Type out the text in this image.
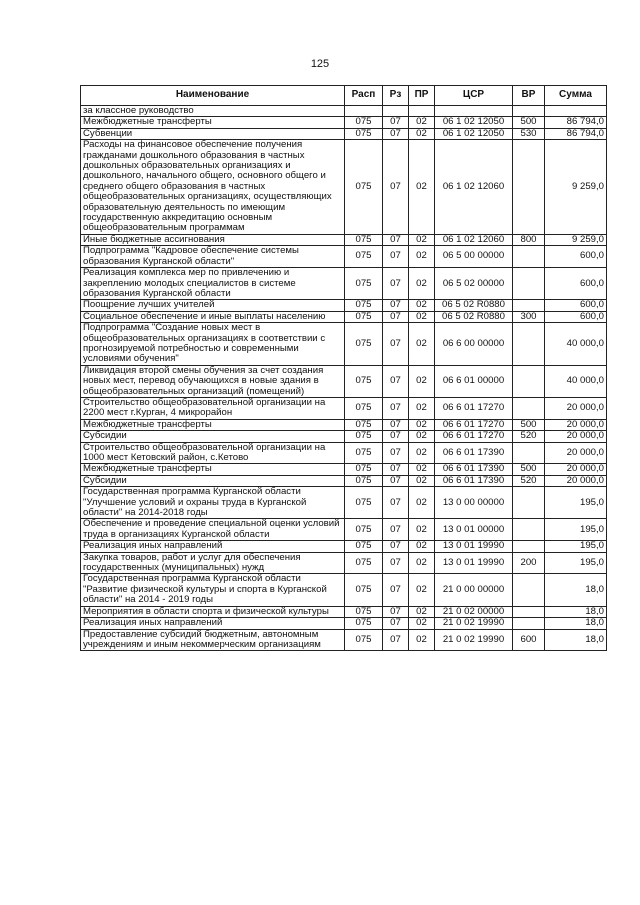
125
Наименование	Расп	Рз	ПР	ЦСР	ВР	Сумма
за классное руководство						
Межбюджетные трансферты	075	07	02	06 1 02 12050	500	86 794,0
Субвенции	075	07	02	06 1 02 12050	530	86 794,0
Расходы на финансовое обеспечение получения гражданами дошкольного образования в частных дошкольных образовательных организациях и дошкольного, начального общего, основного общего и среднего общего образования в частных общеобразовательных организациях, осуществляющих образовательную деятельность по имеющим государственную аккредитацию основным общеобразовательным программам	075	07	02	06 1 02 12060		9 259,0
Иные бюджетные ассигнования	075	07	02	06 1 02 12060	800	9 259,0
Подпрограмма "Кадровое обеспечение системы образования Курганской области"	075	07	02	06 5 00 00000		600,0
Реализация комплекса мер по привлечению и закреплению молодых специалистов в системе образования Курганской области	075	07	02	06 5 02 00000		600,0
Поощрение лучших учителей	075	07	02	06 5 02 R0880		600,0
Социальное обеспечение и иные выплаты населению	075	07	02	06 5 02 R0880	300	600,0
Подпрограмма "Создание новых мест в общеобразовательных организациях в соответствии с прогнозируемой потребностью и современными условиями обучения"	075	07	02	06 6 00 00000		40 000,0
Ликвидация второй смены обучения за счет создания новых мест, перевод обучающихся в новые здания в общеобразовательных организаций (помещений)	075	07	02	06 6 01 00000		40 000,0
Строительство общеобразовательной организации на 2200 мест г.Курган, 4 микрорайон	075	07	02	06 6 01 17270		20 000,0
Межбюджетные трансферты	075	07	02	06 6 01 17270	500	20 000,0
Субсидии	075	07	02	06 6 01 17270	520	20 000,0
Строительство общеобразовательной организации на 1000 мест Кетовский район, с.Кетово	075	07	02	06 6 01 17390		20 000,0
Межбюджетные трансферты	075	07	02	06 6 01 17390	500	20 000,0
Субсидии	075	07	02	06 6 01 17390	520	20 000,0
Государственная программа Курганской области "Улучшение условий и охраны труда в Курганской области" на 2014-2018 годы	075	07	02	13 0 00 00000		195,0
Обеспечение и проведение специальной оценки условий труда в организациях Курганской области	075	07	02	13 0 01 00000		195,0
Реализация иных направлений	075	07	02	13 0 01 19990		195,0
Закупка товаров, работ и услуг для обеспечения государственных (муниципальных) нужд	075	07	02	13 0 01 19990	200	195,0
Государственная программа Курганской области "Развитие физической культуры и спорта в Курганской области" на 2014 - 2019 годы	075	07	02	21 0 00 00000		18,0
Мероприятия в области спорта и физической культуры	075	07	02	21 0 02 00000		18,0
Реализация иных направлений	075	07	02	21 0 02 19990		18,0
Предоставление субсидий бюджетным, автономным учреждениям и иным некоммерческим организациям	075	07	02	21 0 02 19990	600	18,0
